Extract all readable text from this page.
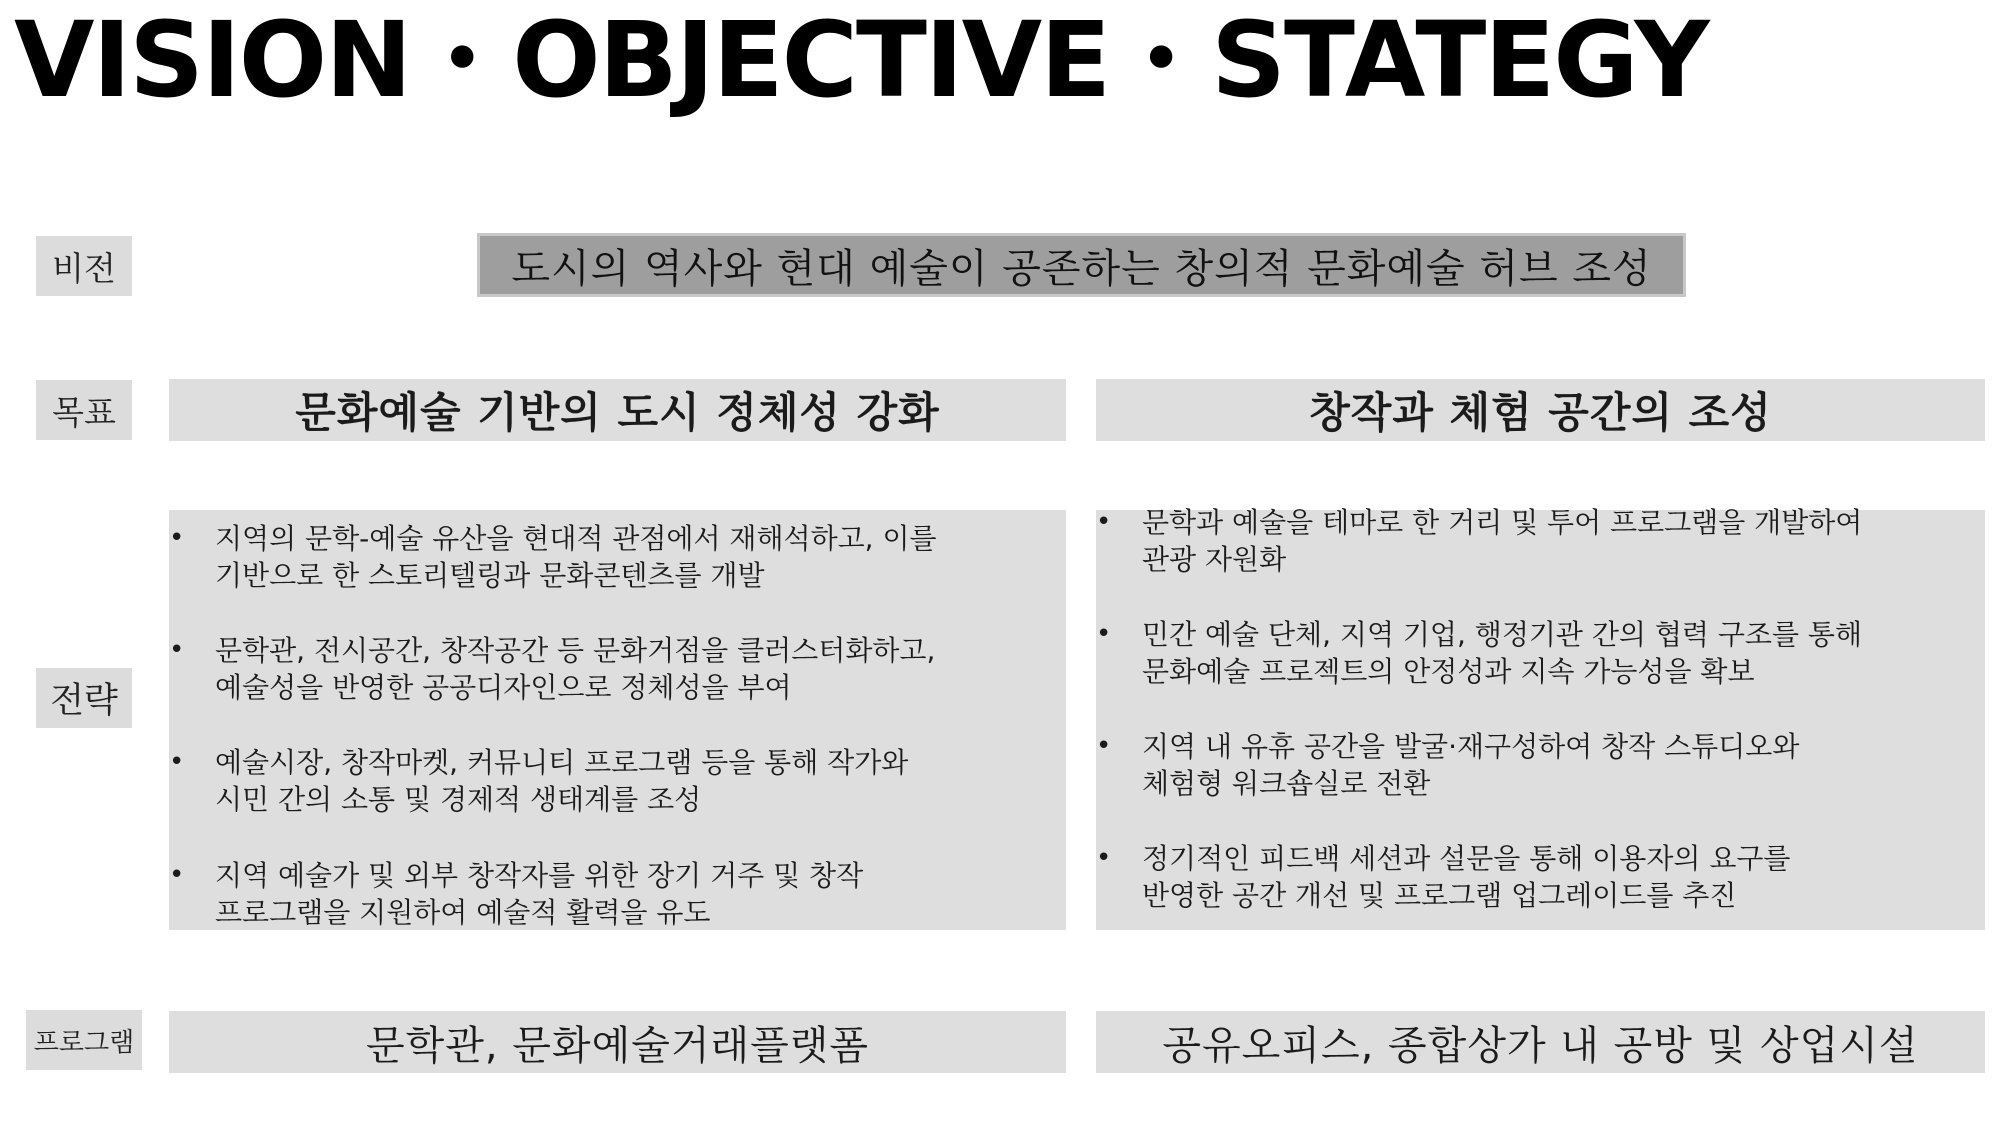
VISION・OBJECTIVE・STATEGY
비전
목표
전략
프로그램
도시의 역사와 현대 예술이 공존하는 창의적 문화예술 허브 조성
문화예술 기반의 도시 정체성 강화	창작과 체험 공간의 조성
• 지역의 문학-예술 유산을 현대적 관점에서 재해석하고, 이를
기반으로 한 스토리텔링과 문화콘텐츠를 개발
• 문학관, 전시공간, 창작공간 등 문화거점을 클러스터화하고,
예술성을 반영한 공공디자인으로 정체성을 부여
• 예술시장, 창작마켓, 커뮤니티 프로그램 등을 통해 작가와
시민 간의 소통 및 경제적 생태계를 조성
• 지역 예술가 및 외부 창작자를 위한 장기 거주 및 창작
프로그램을 지원하여 예술적 활력을 유도
• 문학과 예술을 테마로 한 거리 및 투어 프로그램을 개발하여
관광 자원화
• 민간 예술 단체, 지역 기업, 행정기관 간의 협력 구조를 통해
문화예술 프로젝트의 안정성과 지속 가능성을 확보
• 지역 내 유휴 공간을 발굴·재구성하여 창작 스튜디오와
체험형 워크숍실로 전환
• 정기적인 피드백 세션과 설문을 통해 이용자의 요구를
반영한 공간 개선 및 프로그램 업그레이드를 추진
문학관, 문화예술거래플랫폼	공유오피스, 종합상가 내 공방 및 상업시설
